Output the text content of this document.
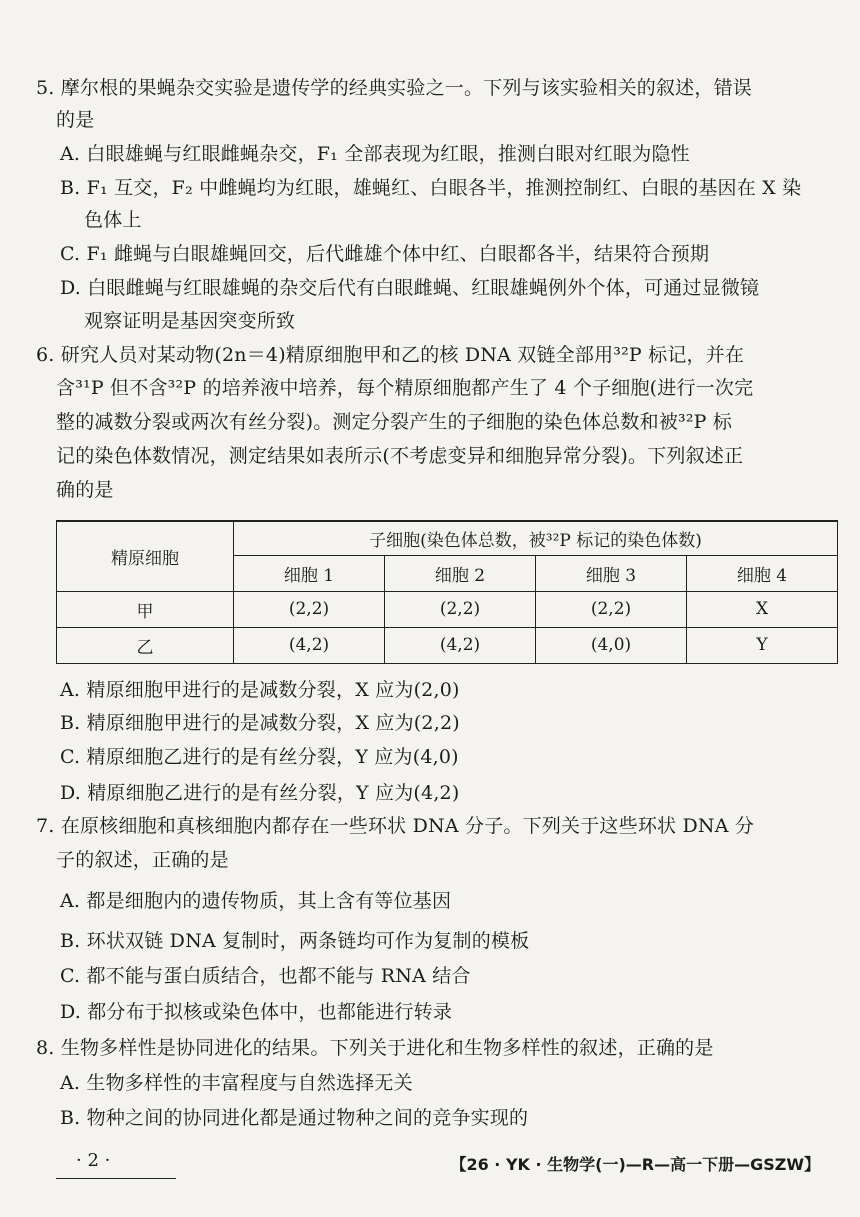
5. 摩尔根的果蝇杂交实验是遗传学的经典实验之一。下列与该实验相关的叙述，错误
的是
A. 白眼雄蝇与红眼雌蝇杂交，F₁ 全部表现为红眼，推测白眼对红眼为隐性
B. F₁ 互交，F₂ 中雌蝇均为红眼，雄蝇红、白眼各半，推测控制红、白眼的基因在 X 染
色体上
C. F₁ 雌蝇与白眼雄蝇回交，后代雌雄个体中红、白眼都各半，结果符合预期
D. 白眼雌蝇与红眼雄蝇的杂交后代有白眼雌蝇、红眼雄蝇例外个体，可通过显微镜
观察证明是基因突变所致
6. 研究人员对某动物(2n＝4)精原细胞甲和乙的核 DNA 双链全部用³²P 标记，并在
含³¹P 但不含³²P 的培养液中培养，每个精原细胞都产生了 4 个子细胞(进行一次完
整的减数分裂或两次有丝分裂)。测定分裂产生的子细胞的染色体总数和被³²P 标
记的染色体数情况，测定结果如表所示(不考虑变异和细胞异常分裂)。下列叙述正
确的是
精原细胞	子细胞(染色体总数，被³²P 标记的染色体数)			
	细胞 1	细胞 2	细胞 3	细胞 4
甲	(2,2)	(2,2)	(2,2)	X
乙	(4,2)	(4,2)	(4,0)	Y
A. 精原细胞甲进行的是减数分裂，X 应为(2,0)
B. 精原细胞甲进行的是减数分裂，X 应为(2,2)
C. 精原细胞乙进行的是有丝分裂，Y 应为(4,0)
D. 精原细胞乙进行的是有丝分裂，Y 应为(4,2)
7. 在原核细胞和真核细胞内都存在一些环状 DNA 分子。下列关于这些环状 DNA 分
子的叙述，正确的是
A. 都是细胞内的遗传物质，其上含有等位基因
B. 环状双链 DNA 复制时，两条链均可作为复制的模板
C. 都不能与蛋白质结合，也都不能与 RNA 结合
D. 都分布于拟核或染色体中，也都能进行转录
8. 生物多样性是协同进化的结果。下列关于进化和生物多样性的叙述，正确的是
A. 生物多样性的丰富程度与自然选择无关
B. 物种之间的协同进化都是通过物种之间的竞争实现的
· 2 ·	【26 · YK · 生物学(一)—R—高一下册—GSZW】
